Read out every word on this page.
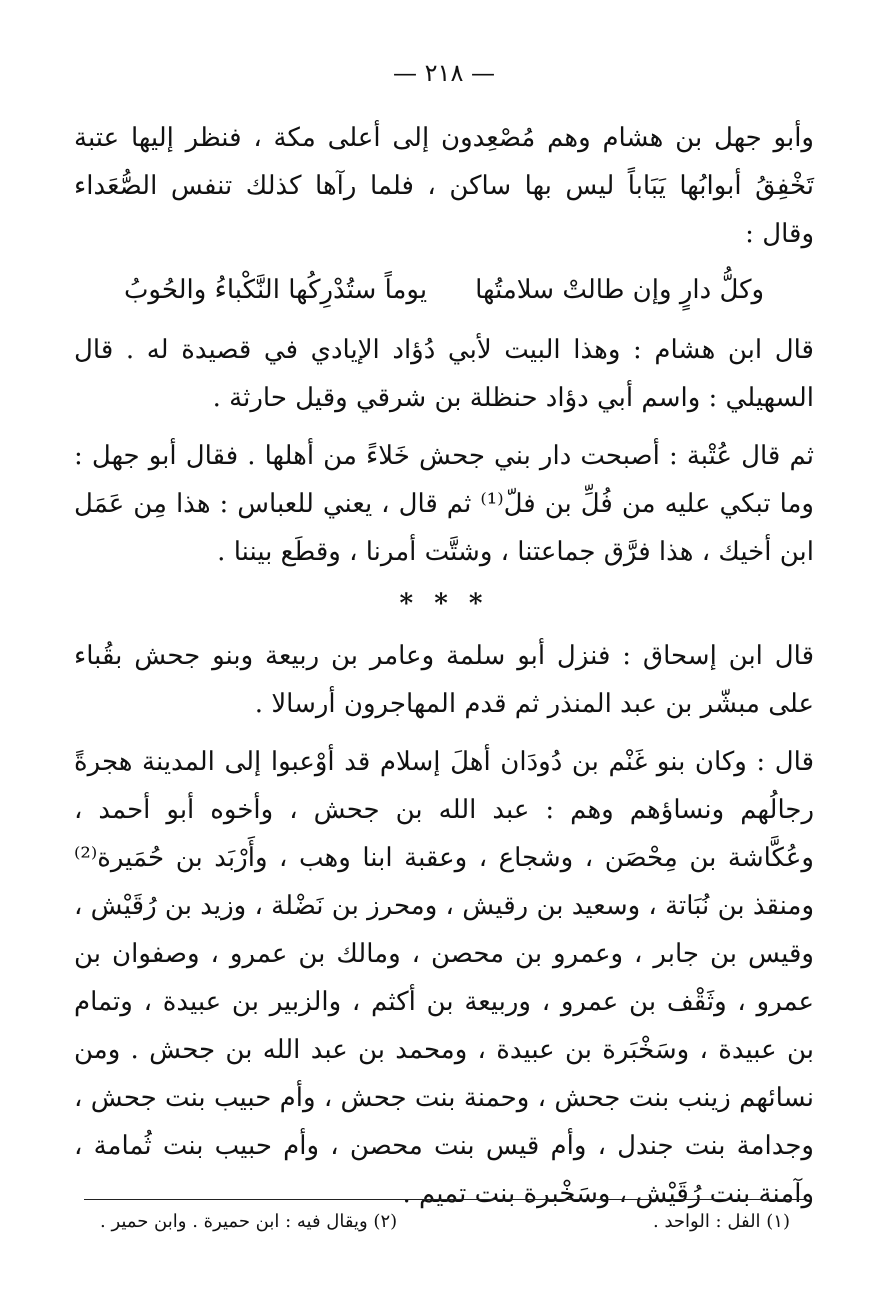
— ٢١٨ —

وأبو جهل بن هشام وهم مُصْعِدون إلى أعلى مكة ، فنظر إليها عتبة تَخْفِقُ أبوابُها يَبَاباً ليس بها ساكن ، فلما رآها كذلك تنفس الصُّعَداء وقال :

وكلُّ دارٍ وإن طالتْ سلامتُها
يوماً ستُدْرِكُها النَّكْباءُ والحُوبُ

قال ابن هشام : وهذا البيت لأبي دُؤاد الإيادي في قصيدة له . قال السهيلي : واسم أبي دؤاد حنظلة بن شرقي وقيل حارثة .

ثم قال عُتْبة : أصبحت دار بني جحش خَلاءً من أهلها . فقال أبو جهل : وما تبكي عليه من فُلِّ بن فلّ⁽¹⁾ ثم قال ، يعني للعباس : هذا مِن عَمَل ابن أخيك ، هذا فرَّق جماعتنا ، وشتَّت أمرنا ، وقطَع بيننا .

* * *

قال ابن إسحاق : فنزل أبو سلمة وعامر بن ربيعة وبنو جحش بقُباء على مبشّر بن عبد المنذر ثم قدم المهاجرون أرسالا .

قال : وكان بنو غَنْم بن دُودَان أهلَ إسلام قد أوْعبوا إلى المدينة هجرةً رجالُهم ونساؤهم وهم : عبد الله بن جحش ، وأخوه أبو أحمد ، وعُكَّاشة بن مِحْصَن ، وشجاع ، وعقبة ابنا وهب ، وأَرْبَد بن حُمَيرة⁽²⁾ ومنقذ بن نُبَاتة ، وسعيد بن رقيش ، ومحرز بن نَضْلة ، وزيد بن رُقَيْش ، وقيس بن جابر ، وعمرو بن محصن ، ومالك بن عمرو ، وصفوان بن عمرو ، وثَقْف بن عمرو ، وربيعة بن أكثم ، والزبير بن عبيدة ، وتمام بن عبيدة ، وسَخْبَرة بن عبيدة ، ومحمد بن عبد الله بن جحش . ومن نسائهم زينب بنت جحش ، وحمنة بنت جحش ، وأم حبيب بنت جحش ، وجدامة بنت جندل ، وأم قيس بنت محصن ، وأم حبيب بنت ثُمامة ، وآمنة بنت رُقَيْش ، وسَخْبرة بنت تميم .

(١) الفل : الواحد .
(٢) ويقال فيه : ابن حميرة . وابن حمير .
